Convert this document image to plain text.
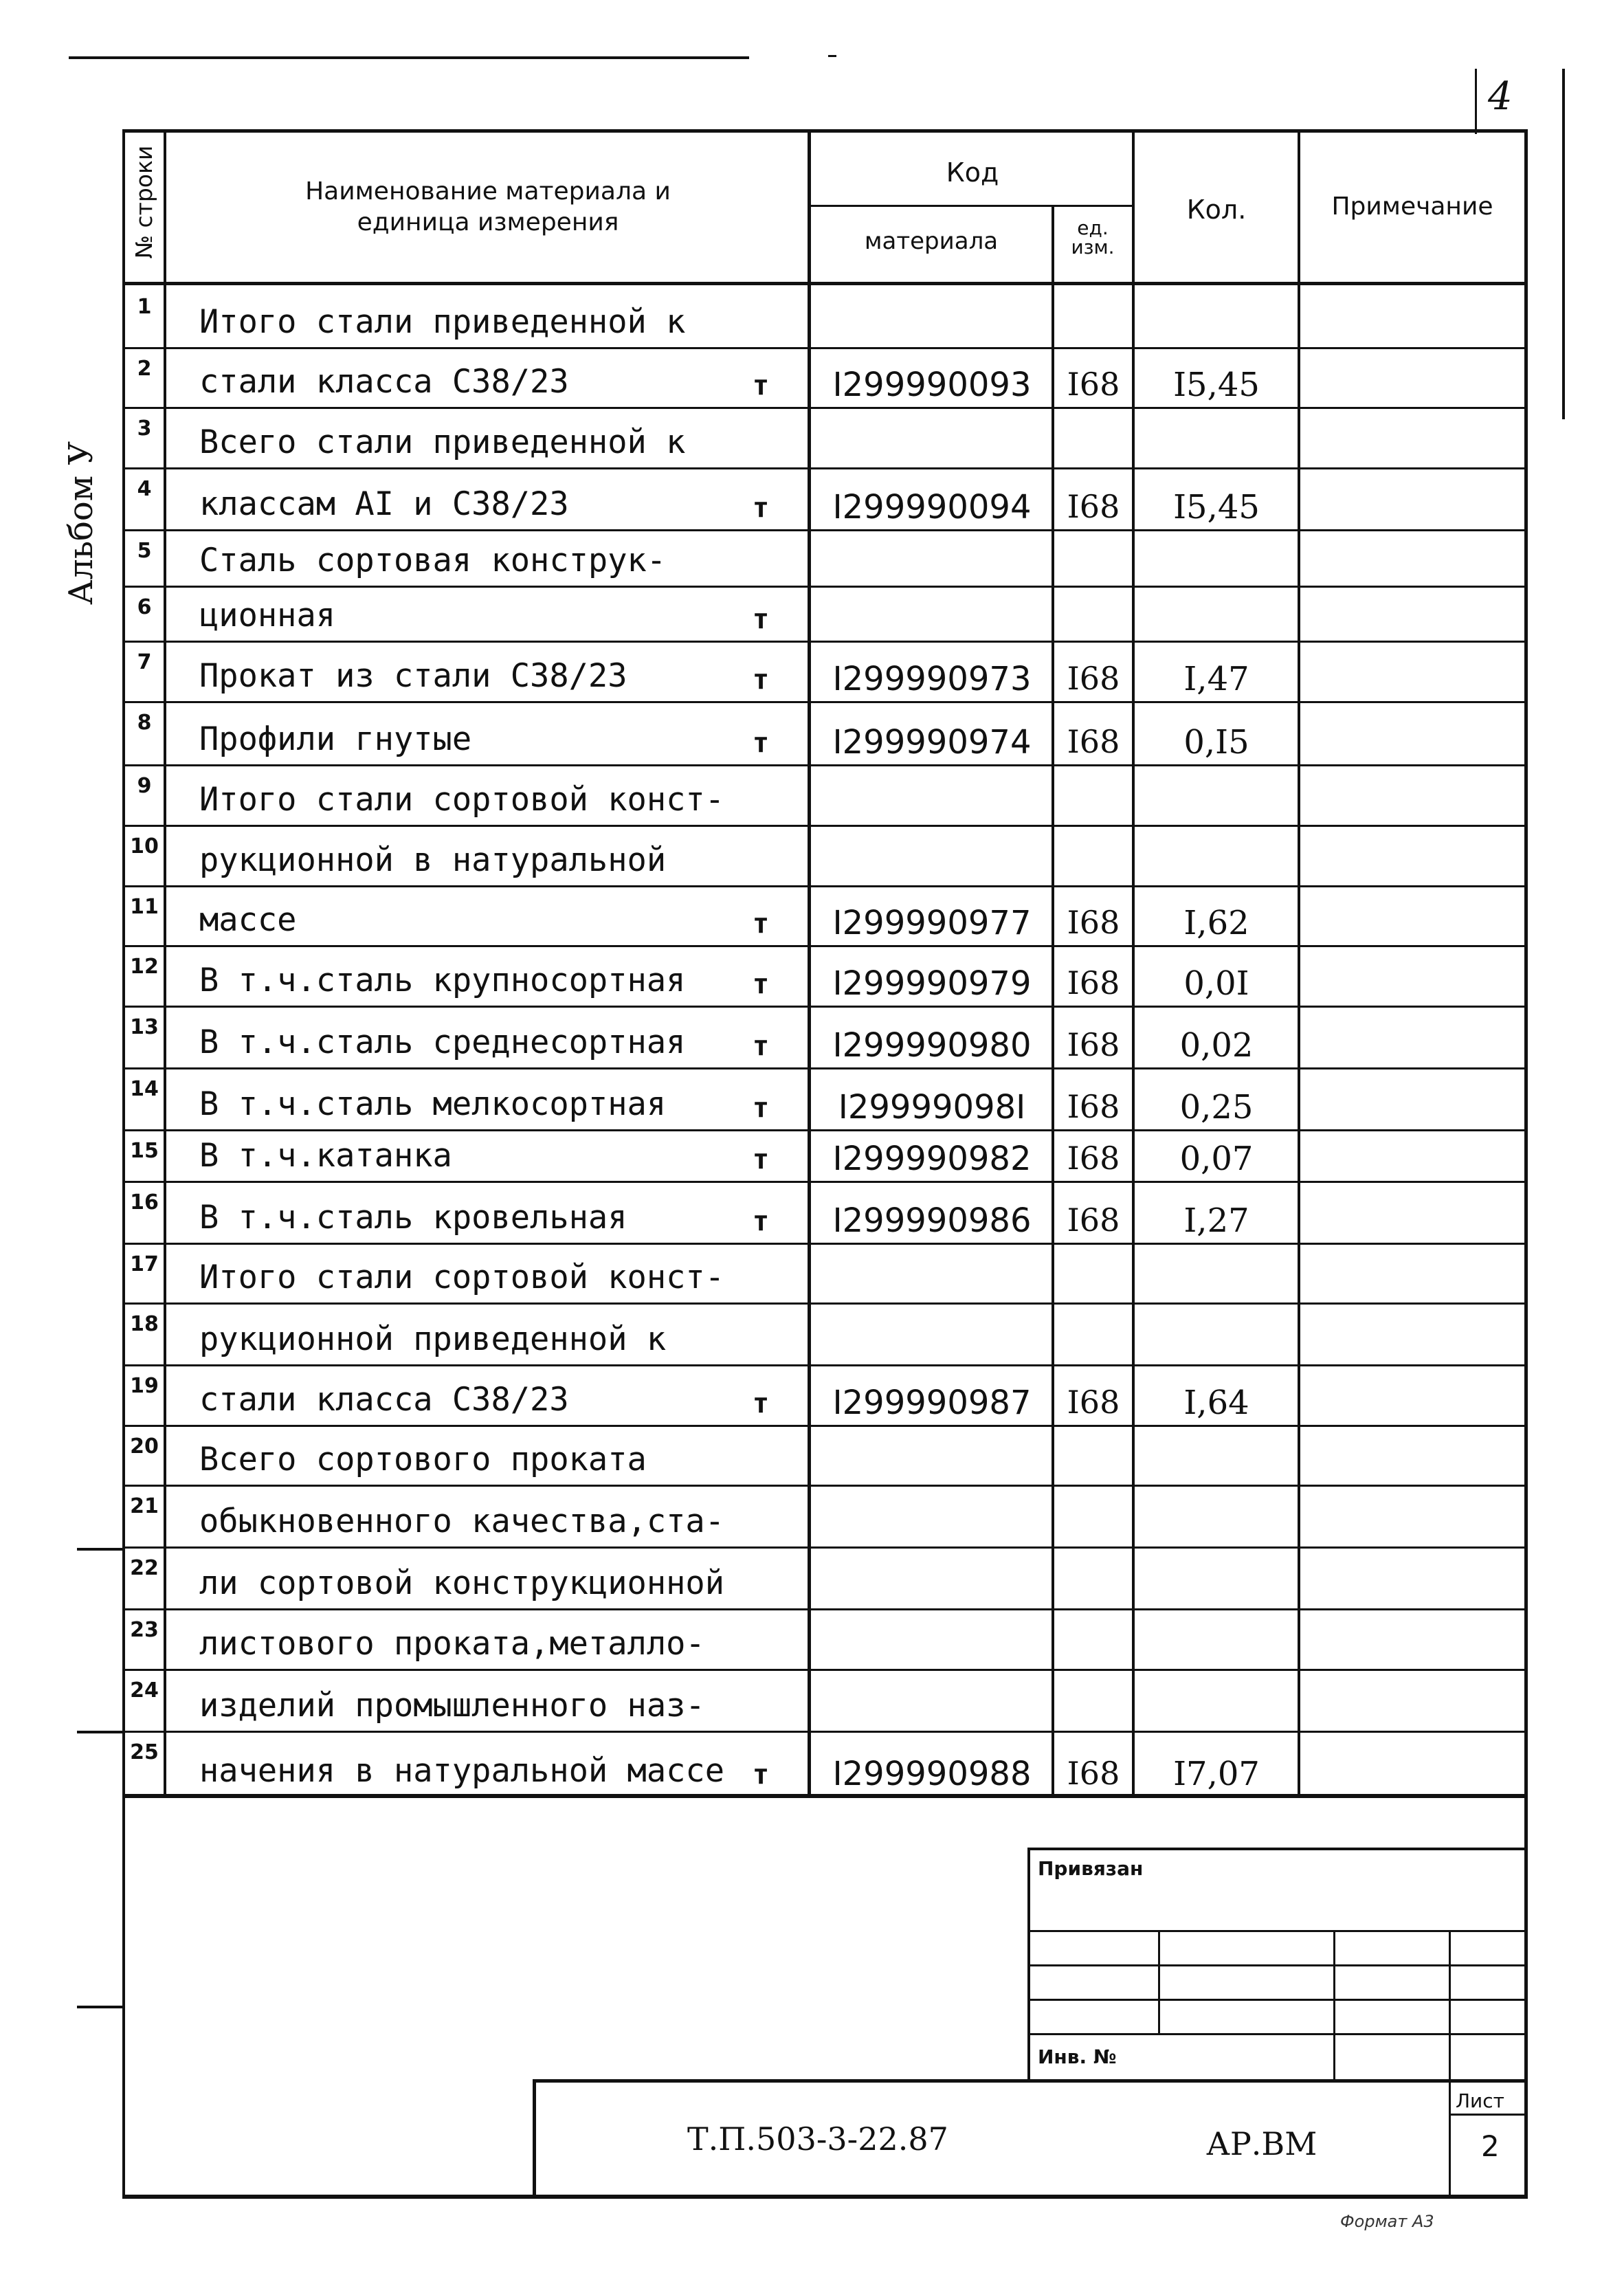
4
Альбом У
№ строки	Наименование материала и единица измерения
Код
материала	ед. изм.
Кол.	Примечание
1	Итого стали приведенной к
2	стали класса С38/23	т	I299990093	I68	I5,45
3	Всего стали приведенной к
4	классам АI и С38/23	т	I299990094	I68	I5,45
5	Сталь сортовая конструк-
6	ционная	т
7	Прокат из стали С38/23	т	I299990973	I68	I,47
8	Профили гнутые	т	I299990974	I68	0,I5
9	Итого стали сортовой конст-
10 рукционной в натуральной
11 массе	т	I299990977	I68	I,62
12 В т.ч.сталь крупносортная т	I299990979	I68	0,0I
13 В т.ч.сталь среднесортная т	I299990980	I68	0,02
14 В т.ч.сталь мелкосортная	т	I29999098I	I68	0,25
15 В т.ч.катанка	т	I299990982	I68	0,07
16 В т.ч.сталь кровельная	т	I299990986	I68	I,27
17 Итого стали сортовой конст-
18 рукционной приведенной к
19 стали класса С38/23	т	I299990987	I68	I,64
20 Всего сортового проката
21 обыкновенного качества,ста-
22 ли сортовой конструкционной
23 листового проката,металло-
24 изделий промышленного наз-
25 начения в натуральной массе т	I299990988	I68	I7,07
Привязан
Инв. №
Т.П.503-3-22.87	АР.ВМ
Лист
2
Формат А3
